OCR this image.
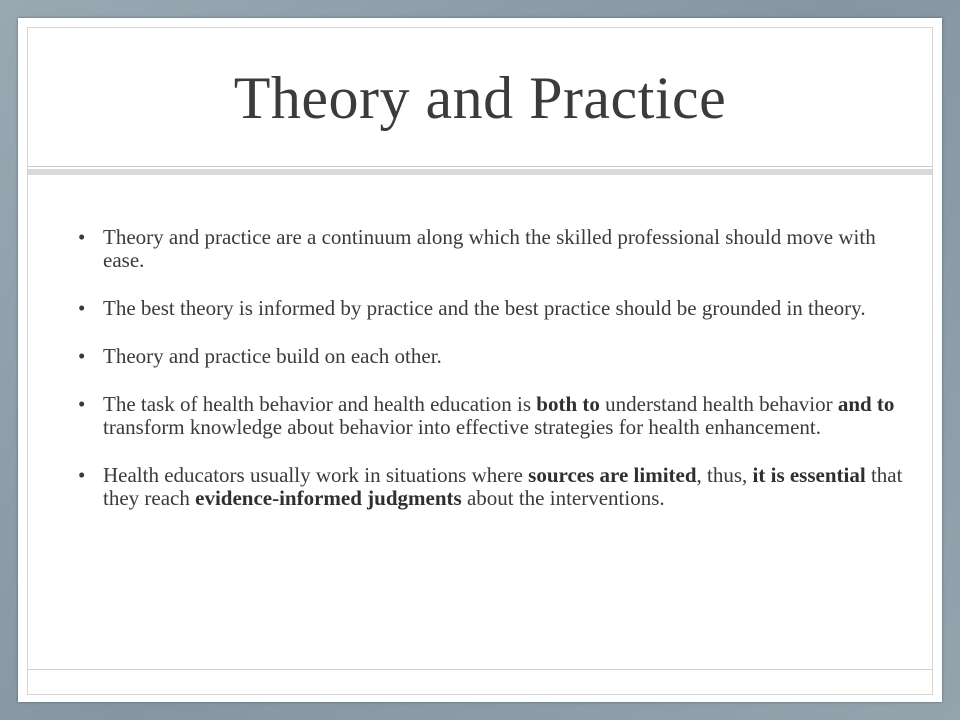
Theory and Practice
• Theory and practice are a continuum along which the skilled professional should move with ease.
• The best theory is informed by practice and the best practice should be grounded in theory.
• Theory and practice build on each other.
• The task of health behavior and health education is both to understand health behavior and to transform knowledge about behavior into effective strategies for health enhancement.
• Health educators usually work in situations where sources are limited, thus, it is essential that they reach evidence-informed judgments about the interventions.
